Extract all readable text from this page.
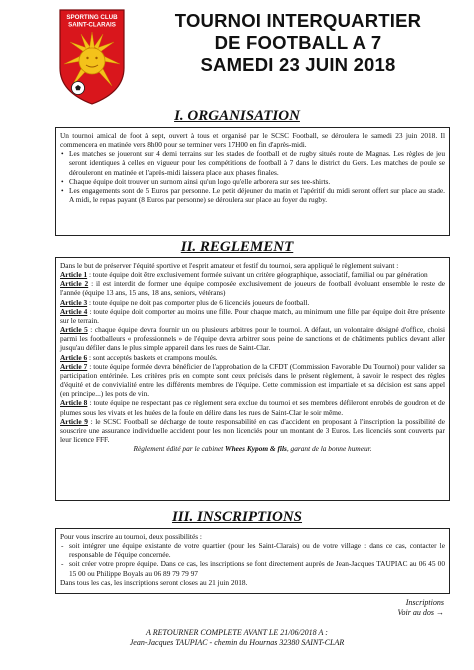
SPORTING CLUB
SAINT-CLARAIS	TOURNOI INTERQUARTIER
DE FOOTBALL A 7
SAMEDI 23 JUIN 2018
I. ORGANISATION

Un tournoi amical de foot à sept, ouvert à tous et organisé par le SCSC Football, se déroulera le samedi 23 juin 2018. Il commencera en matinée vers 8h00 pour se terminer vers 17H00 en fin d'après-midi.

• Les matches se joueront sur 4 demi terrains sur les stades de football et de rugby situés route de Magnas. Les règles de jeu seront identiques à celles en vigueur pour les compétitions de football à 7 dans le district du Gers. Les matches de poule se dérouleront en matinée et l'après-midi laissera place aux phases finales.

• Chaque équipe doit trouver un surnom ainsi qu'un logo qu'elle arborera sur ses tee-shirts.

• Les engagements sont de 5 Euros par personne. Le petit déjeuner du matin et l'apéritif du midi seront offert sur place au stade. A midi, le repas payant (8 Euros par personne) se déroulera sur place au foyer du rugby.

II. REGLEMENT

Dans le but de préserver l'équité sportive et l'esprit amateur et festif du tournoi, sera appliqué le règlement suivant :

Article 1 : toute équipe doit être exclusivement formée suivant un critère géographique, associatif, familial ou par génération

Article 2 : il est interdit de former une équipe composée exclusivement de joueurs de football évoluant ensemble le reste de l'année (équipe 13 ans, 15 ans, 18 ans, seniors, vétérans)

Article 3 : toute équipe ne doit pas comporter plus de 6 licenciés joueurs de football.

Article 4 : toute équipe doit comporter au moins une fille. Pour chaque match, au minimum une fille par équipe doit être présente sur le terrain.

Article 5 : chaque équipe devra fournir un ou plusieurs arbitres pour le tournoi. A défaut, un volontaire désigné d'office, choisi parmi les footballeurs « professionnels » de l'équipe devra arbitrer sous peine de sanctions et de châtiments publics devant aller jusqu'au défiler dans le plus simple appareil dans les rues de Saint-Clar.

Article 6 : sont acceptés baskets et crampons moulés.

Article 7 : toute équipe formée devra bénéficier de l'approbation de la CFDT (Commission Favorable Du Tournoi) pour valider sa participation entérinée. Les critères pris en compte sont ceux précisés dans le présent règlement, à savoir le respect des règles d'équité et de convivialité entre les différents membres de l'équipe. Cette commission est impartiale et sa décision est sans appel (en principe...) les pots de vin.

Article 8 : toute équipe ne respectant pas ce règlement sera exclue du tournoi et ses membres défileront enrobés de goudron et de plumes sous les vivats et les huées de la foule en délire dans les rues de Saint-Clar le soir même.

Article 9 : le SCSC Football se décharge de toute responsabilité en cas d'accident en proposant à l'inscription la possibilité de souscrire une assurance individuelle accident pour les non licenciés pour un montant de 3 Euros. Les licenciés sont couverts par leur licence FFF.

Règlement édité par le cabinet Whees Kypom & fils, garant de la bonne humeur.

III. INSCRIPTIONS

Pour vous inscrire au tournoi, deux possibilités :

- soit intégrer une équipe existante de votre quartier (pour les Saint-Clarais) ou de votre village : dans ce cas, contacter le responsable de l'équipe concernée.

- soit créer votre propre équipe. Dans ce cas, les inscriptions se font directement auprès de Jean-Jacques TAUPIAC au 06 45 00 15 00 ou Philippe Boyals au 06 89 79 79 97

Dans tous les cas, les inscriptions seront closes au 21 juin 2018.

Inscriptions
Voir au dos →
A RETOURNER COMPLETE AVANT LE 21/06/2018 A :
Jean-Jacques TAUPIAC - chemin du Hournas 32380 SAINT-CLAR
